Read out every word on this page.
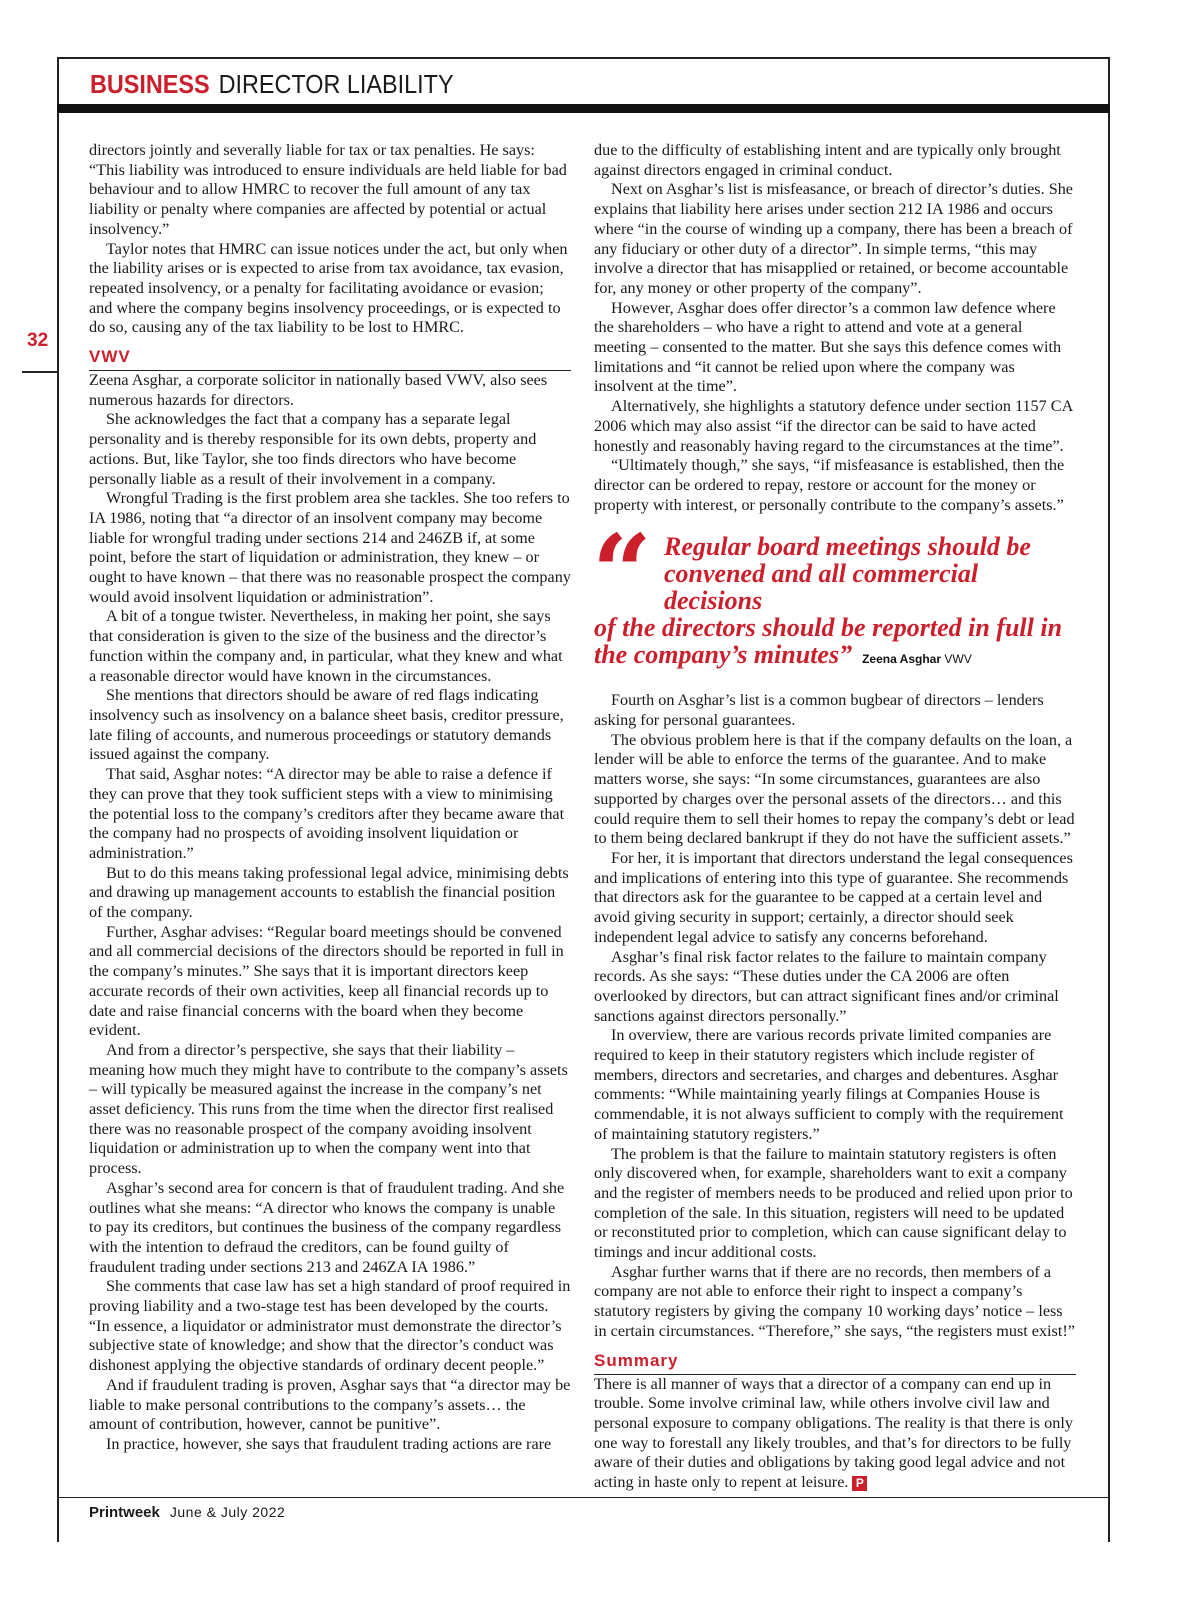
BUSINESS DIRECTOR LIABILITY
32

directors jointly and severally liable for tax or tax penalties. He says: “This liability was introduced to ensure individuals are held liable for bad behaviour and to allow HMRC to recover the full amount of any tax liability or penalty where companies are affected by potential or actual insolvency.”

Taylor notes that HMRC can issue notices under the act, but only when the liability arises or is expected to arise from tax avoidance, tax evasion, repeated insolvency, or a penalty for facilitating avoidance or evasion; and where the company begins insolvency proceedings, or is expected to do so, causing any of the tax liability to be lost to HMRC.

VWV

Zeena Asghar, a corporate solicitor in nationally based VWV, also sees numerous hazards for directors.

She acknowledges the fact that a company has a separate legal personality and is thereby responsible for its own debts, property and actions. But, like Taylor, she too finds directors who have become personally liable as a result of their involvement in a company.

Wrongful Trading is the first problem area she tackles. She too refers to IA 1986, noting that “a director of an insolvent company may become liable for wrongful trading under sections 214 and 246ZB if, at some point, before the start of liquidation or administration, they knew – or ought to have known – that there was no reasonable prospect the company would avoid insolvent liquidation or administration”.

A bit of a tongue twister. Nevertheless, in making her point, she says that consideration is given to the size of the business and the director’s function within the company and, in particular, what they knew and what a reasonable director would have known in the circumstances.

She mentions that directors should be aware of red flags indicating insolvency such as insolvency on a balance sheet basis, creditor pressure, late filing of accounts, and numerous proceedings or statutory demands issued against the company.

That said, Asghar notes: “A director may be able to raise a defence if they can prove that they took sufficient steps with a view to minimising the potential loss to the company’s creditors after they became aware that the company had no prospects of avoiding insolvent liquidation or administration.”

But to do this means taking professional legal advice, minimising debts and drawing up management accounts to establish the financial position of the company.

Further, Asghar advises: “Regular board meetings should be convened and all commercial decisions of the directors should be reported in full in the company’s minutes.” She says that it is important directors keep accurate records of their own activities, keep all financial records up to date and raise financial concerns with the board when they become evident.

And from a director’s perspective, she says that their liability – meaning how much they might have to contribute to the company’s assets – will typically be measured against the increase in the company’s net asset deficiency. This runs from the time when the director first realised there was no reasonable prospect of the company avoiding insolvent liquidation or administration up to when the company went into that process.

Asghar’s second area for concern is that of fraudulent trading. And she outlines what she means: “A director who knows the company is unable to pay its creditors, but continues the business of the company regardless with the intention to defraud the creditors, can be found guilty of fraudulent trading under sections 213 and 246ZA IA 1986.”

She comments that case law has set a high standard of proof required in proving liability and a two-stage test has been developed by the courts. “In essence, a liquidator or administrator must demonstrate the director’s subjective state of knowledge; and show that the director’s conduct was dishonest applying the objective standards of ordinary decent people.”

And if fraudulent trading is proven, Asghar says that “a director may be liable to make personal contributions to the company’s assets… the amount of contribution, however, cannot be punitive”.

In practice, however, she says that fraudulent trading actions are rare

due to the difficulty of establishing intent and are typically only brought against directors engaged in criminal conduct.

Next on Asghar’s list is misfeasance, or breach of director’s duties. She explains that liability here arises under section 212 IA 1986 and occurs where “in the course of winding up a company, there has been a breach of any fiduciary or other duty of a director”. In simple terms, “this may involve a director that has misapplied or retained, or become accountable for, any money or other property of the company”.

However, Asghar does offer director’s a common law defence where the shareholders – who have a right to attend and vote at a general meeting – consented to the matter. But she says this defence comes with limitations and “it cannot be relied upon where the company was insolvent at the time”.

Alternatively, she highlights a statutory defence under section 1157 CA 2006 which may also assist “if the director can be said to have acted honestly and reasonably having regard to the circumstances at the time”.

“Ultimately though,” she says, “if misfeasance is established, then the director can be ordered to repay, restore or account for the money or property with interest, or personally contribute to the company’s assets.”

“ Regular board meetings should be
convened and all commercial decisions
of the directors should be reported in full in the company’s minutes” Zeena Asghar VWV

Fourth on Asghar’s list is a common bugbear of directors – lenders asking for personal guarantees.

The obvious problem here is that if the company defaults on the loan, a lender will be able to enforce the terms of the guarantee. And to make matters worse, she says: “In some circumstances, guarantees are also supported by charges over the personal assets of the directors… and this could require them to sell their homes to repay the company’s debt or lead to them being declared bankrupt if they do not have the sufficient assets.”

For her, it is important that directors understand the legal consequences and implications of entering into this type of guarantee. She recommends that directors ask for the guarantee to be capped at a certain level and avoid giving security in support; certainly, a director should seek independent legal advice to satisfy any concerns beforehand.

Asghar’s final risk factor relates to the failure to maintain company records. As she says: “These duties under the CA 2006 are often overlooked by directors, but can attract significant fines and/or criminal sanctions against directors personally.”

In overview, there are various records private limited companies are required to keep in their statutory registers which include register of members, directors and secretaries, and charges and debentures. Asghar comments: “While maintaining yearly filings at Companies House is commendable, it is not always sufficient to comply with the requirement of maintaining statutory registers.”

The problem is that the failure to maintain statutory registers is often only discovered when, for example, shareholders want to exit a company and the register of members needs to be produced and relied upon prior to completion of the sale. In this situation, registers will need to be updated or reconstituted prior to completion, which can cause significant delay to timings and incur additional costs.

Asghar further warns that if there are no records, then members of a company are not able to enforce their right to inspect a company’s statutory registers by giving the company 10 working days’ notice – less in certain circumstances. “Therefore,” she says, “the registers must exist!”

Summary

There is all manner of ways that a director of a company can end up in trouble. Some involve criminal law, while others involve civil law and personal exposure to company obligations. The reality is that there is only one way to forestall any likely troubles, and that’s for directors to be fully aware of their duties and obligations by taking good legal advice and not acting in haste only to repent at leisure. P

Printweek June & July 2022
